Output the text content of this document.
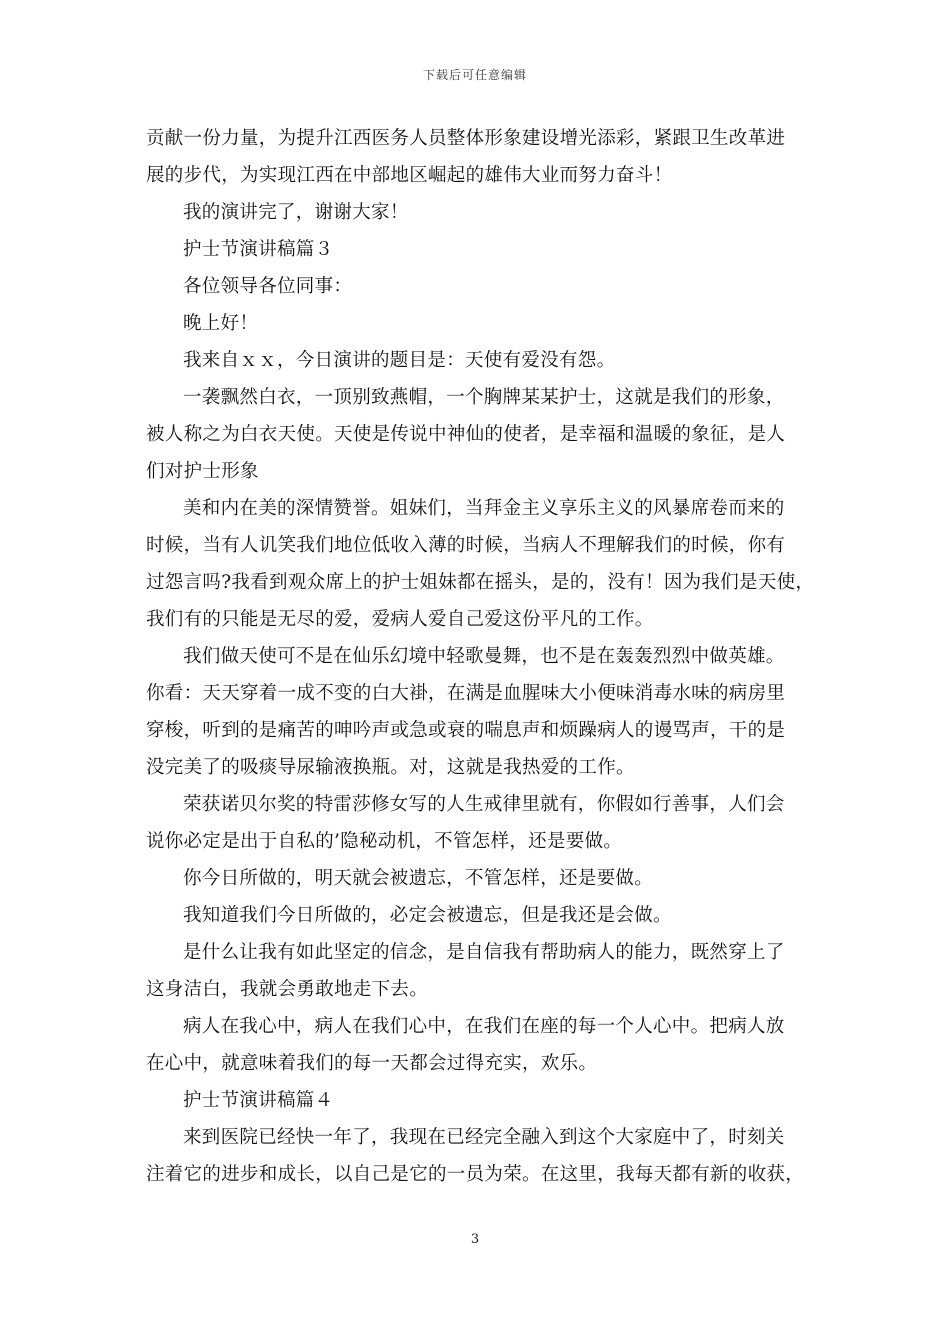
下载后可任意编辑
贡献一份力量，为提升江西医务人员整体形象建设增光添彩，紧跟卫生改革进
展的步代，为实现江西在中部地区崛起的雄伟大业而努力奋斗！
我的演讲完了，谢谢大家！
护士节演讲稿篇３
各位领导各位同事：
晚上好！
我来自ｘｘ，今日演讲的题目是：天使有爱没有怨。
一袭飘然白衣，一顶别致燕帽，一个胸牌某某护士，这就是我们的形象，
被人称之为白衣天使。天使是传说中神仙的使者，是幸福和温暖的象征，是人
们对护士形象
美和内在美的深情赞誉。姐妹们，当拜金主义享乐主义的风暴席卷而来的
时候，当有人讥笑我们地位低收入薄的时候，当病人不理解我们的时候，你有
过怨言吗?我看到观众席上的护士姐妹都在摇头，是的，没有！因为我们是天使，
我们有的只能是无尽的爱，爱病人爱自己爱这份平凡的工作。
我们做天使可不是在仙乐幻境中轻歌曼舞，也不是在轰轰烈烈中做英雄。
你看：天天穿着一成不变的白大褂，在满是血腥味大小便味消毒水味的病房里
穿梭，听到的是痛苦的呻吟声或急或衰的喘息声和烦躁病人的谩骂声，干的是
没完美了的吸痰导尿输液换瓶。对，这就是我热爱的工作。
荣获诺贝尔奖的特雷莎修女写的人生戒律里就有，你假如行善事，人们会
说你必定是出于自私的’隐秘动机，不管怎样，还是要做。
你今日所做的，明天就会被遗忘，不管怎样，还是要做。
我知道我们今日所做的，必定会被遗忘，但是我还是会做。
是什么让我有如此坚定的信念，是自信我有帮助病人的能力，既然穿上了
这身洁白，我就会勇敢地走下去。
病人在我心中，病人在我们心中，在我们在座的每一个人心中。把病人放
在心中，就意味着我们的每一天都会过得充实，欢乐。
护士节演讲稿篇４
来到医院已经快一年了，我现在已经完全融入到这个大家庭中了，时刻关
注着它的进步和成长，以自己是它的一员为荣。在这里，我每天都有新的收获，
3
